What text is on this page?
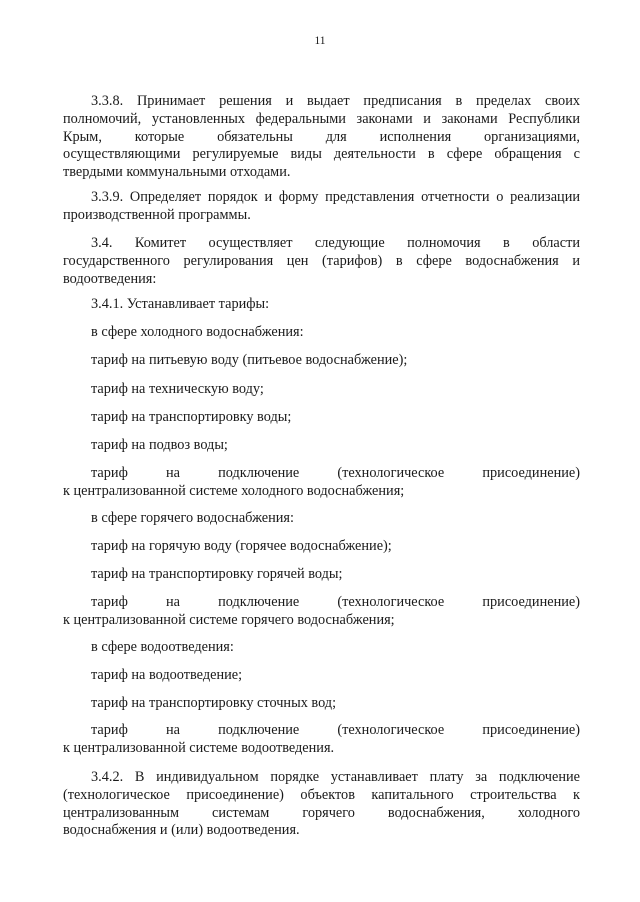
11
3.3.8. Принимает решения и выдает предписания в пределах своих
полномочий, установленных федеральными законами и законами Республики
Крым, которые обязательны для исполнения организациями,
осуществляющими регулируемые виды деятельности в сфере обращения с
твердыми коммунальными отходами.
3.3.9. Определяет порядок и форму представления отчетности о реализации
производственной программы.
3.4. Комитет осуществляет следующие полномочия в области
государственного регулирования цен (тарифов) в сфере водоснабжения и
водоотведения:
3.4.1. Устанавливает тарифы:
в сфере холодного водоснабжения:
тариф на питьевую воду (питьевое водоснабжение);
тариф на техническую воду;
тариф на транспортировку воды;
тариф на подвоз воды;
тариф на подключение (технологическое присоединение)
к централизованной системе холодного водоснабжения;
в сфере горячего водоснабжения:
тариф на горячую воду (горячее водоснабжение);
тариф на транспортировку горячей воды;
тариф на подключение (технологическое присоединение)
к централизованной системе горячего водоснабжения;
в сфере водоотведения:
тариф на водоотведение;
тариф на транспортировку сточных вод;
тариф на подключение (технологическое присоединение)
к централизованной системе водоотведения.
3.4.2. В индивидуальном порядке устанавливает плату за подключение
(технологическое присоединение) объектов капитального строительства к
централизованным системам горячего водоснабжения, холодного
водоснабжения и (или) водоотведения.
